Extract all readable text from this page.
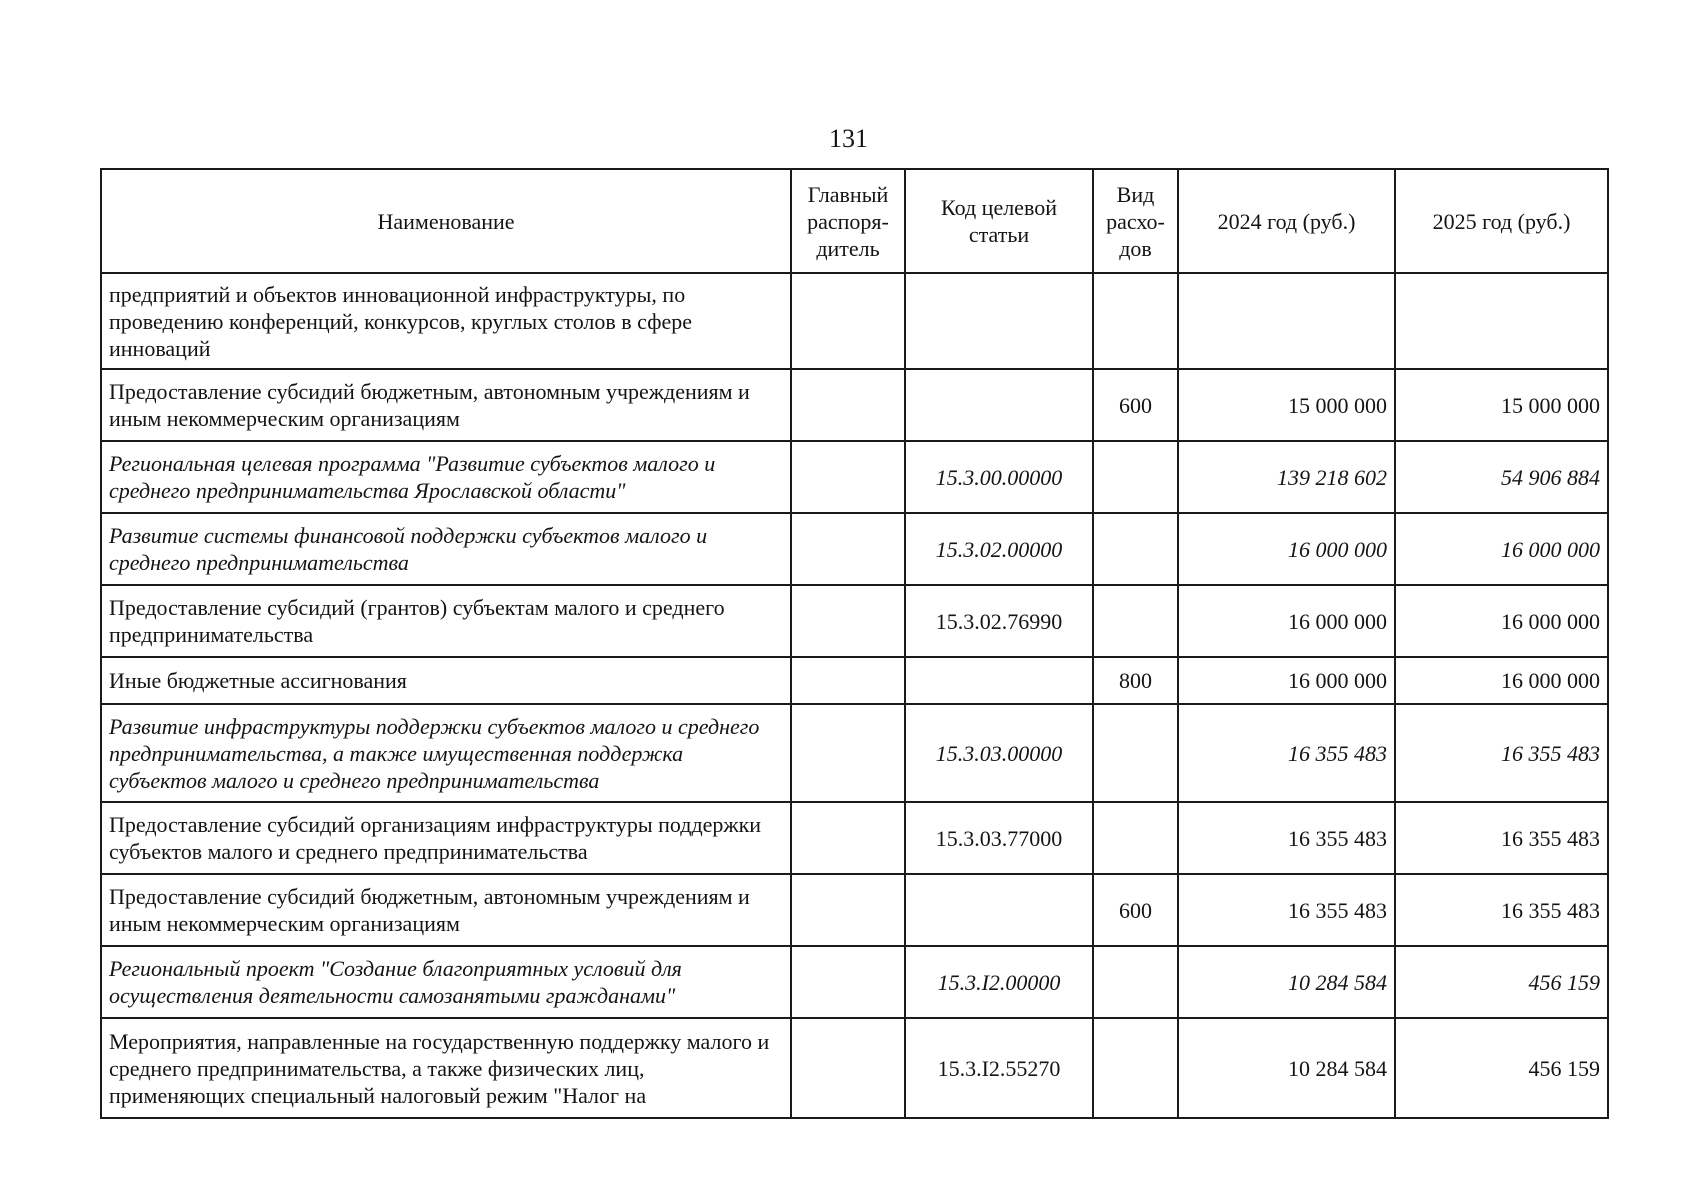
131
Наименование	Главный распоря-дитель	Код целевой статьи	Вид расхо-дов	2024 год (руб.)	2025 год (руб.)
предприятий и объектов инновационной инфраструктуры, по проведению конференций, конкурсов, круглых столов в сфере инноваций					
Предоставление субсидий бюджетным, автономным учреждениям и иным некоммерческим организациям			600	15 000 000	15 000 000
Региональная целевая программа "Развитие субъектов малого и среднего предпринимательства Ярославской области"		15.3.00.00000		139 218 602	54 906 884
Развитие системы финансовой поддержки субъектов малого и среднего предпринимательства		15.3.02.00000		16 000 000	16 000 000
Предоставление субсидий (грантов) субъектам малого и среднего предпринимательства		15.3.02.76990		16 000 000	16 000 000
Иные бюджетные ассигнования			800	16 000 000	16 000 000
Развитие инфраструктуры поддержки субъектов малого и среднего предпринимательства, а также имущественная поддержка субъектов малого и среднего предпринимательства		15.3.03.00000		16 355 483	16 355 483
Предоставление субсидий организациям инфраструктуры поддержки субъектов малого и среднего предпринимательства		15.3.03.77000		16 355 483	16 355 483
Предоставление субсидий бюджетным, автономным учреждениям и иным некоммерческим организациям			600	16 355 483	16 355 483
Региональный проект "Создание благоприятных условий для осуществления деятельности самозанятыми гражданами"		15.3.I2.00000		10 284 584	456 159
Мероприятия, направленные на государственную поддержку малого и среднего предпринимательства, а также физических лиц, применяющих специальный налоговый режим "Налог на		15.3.I2.55270		10 284 584	456 159
